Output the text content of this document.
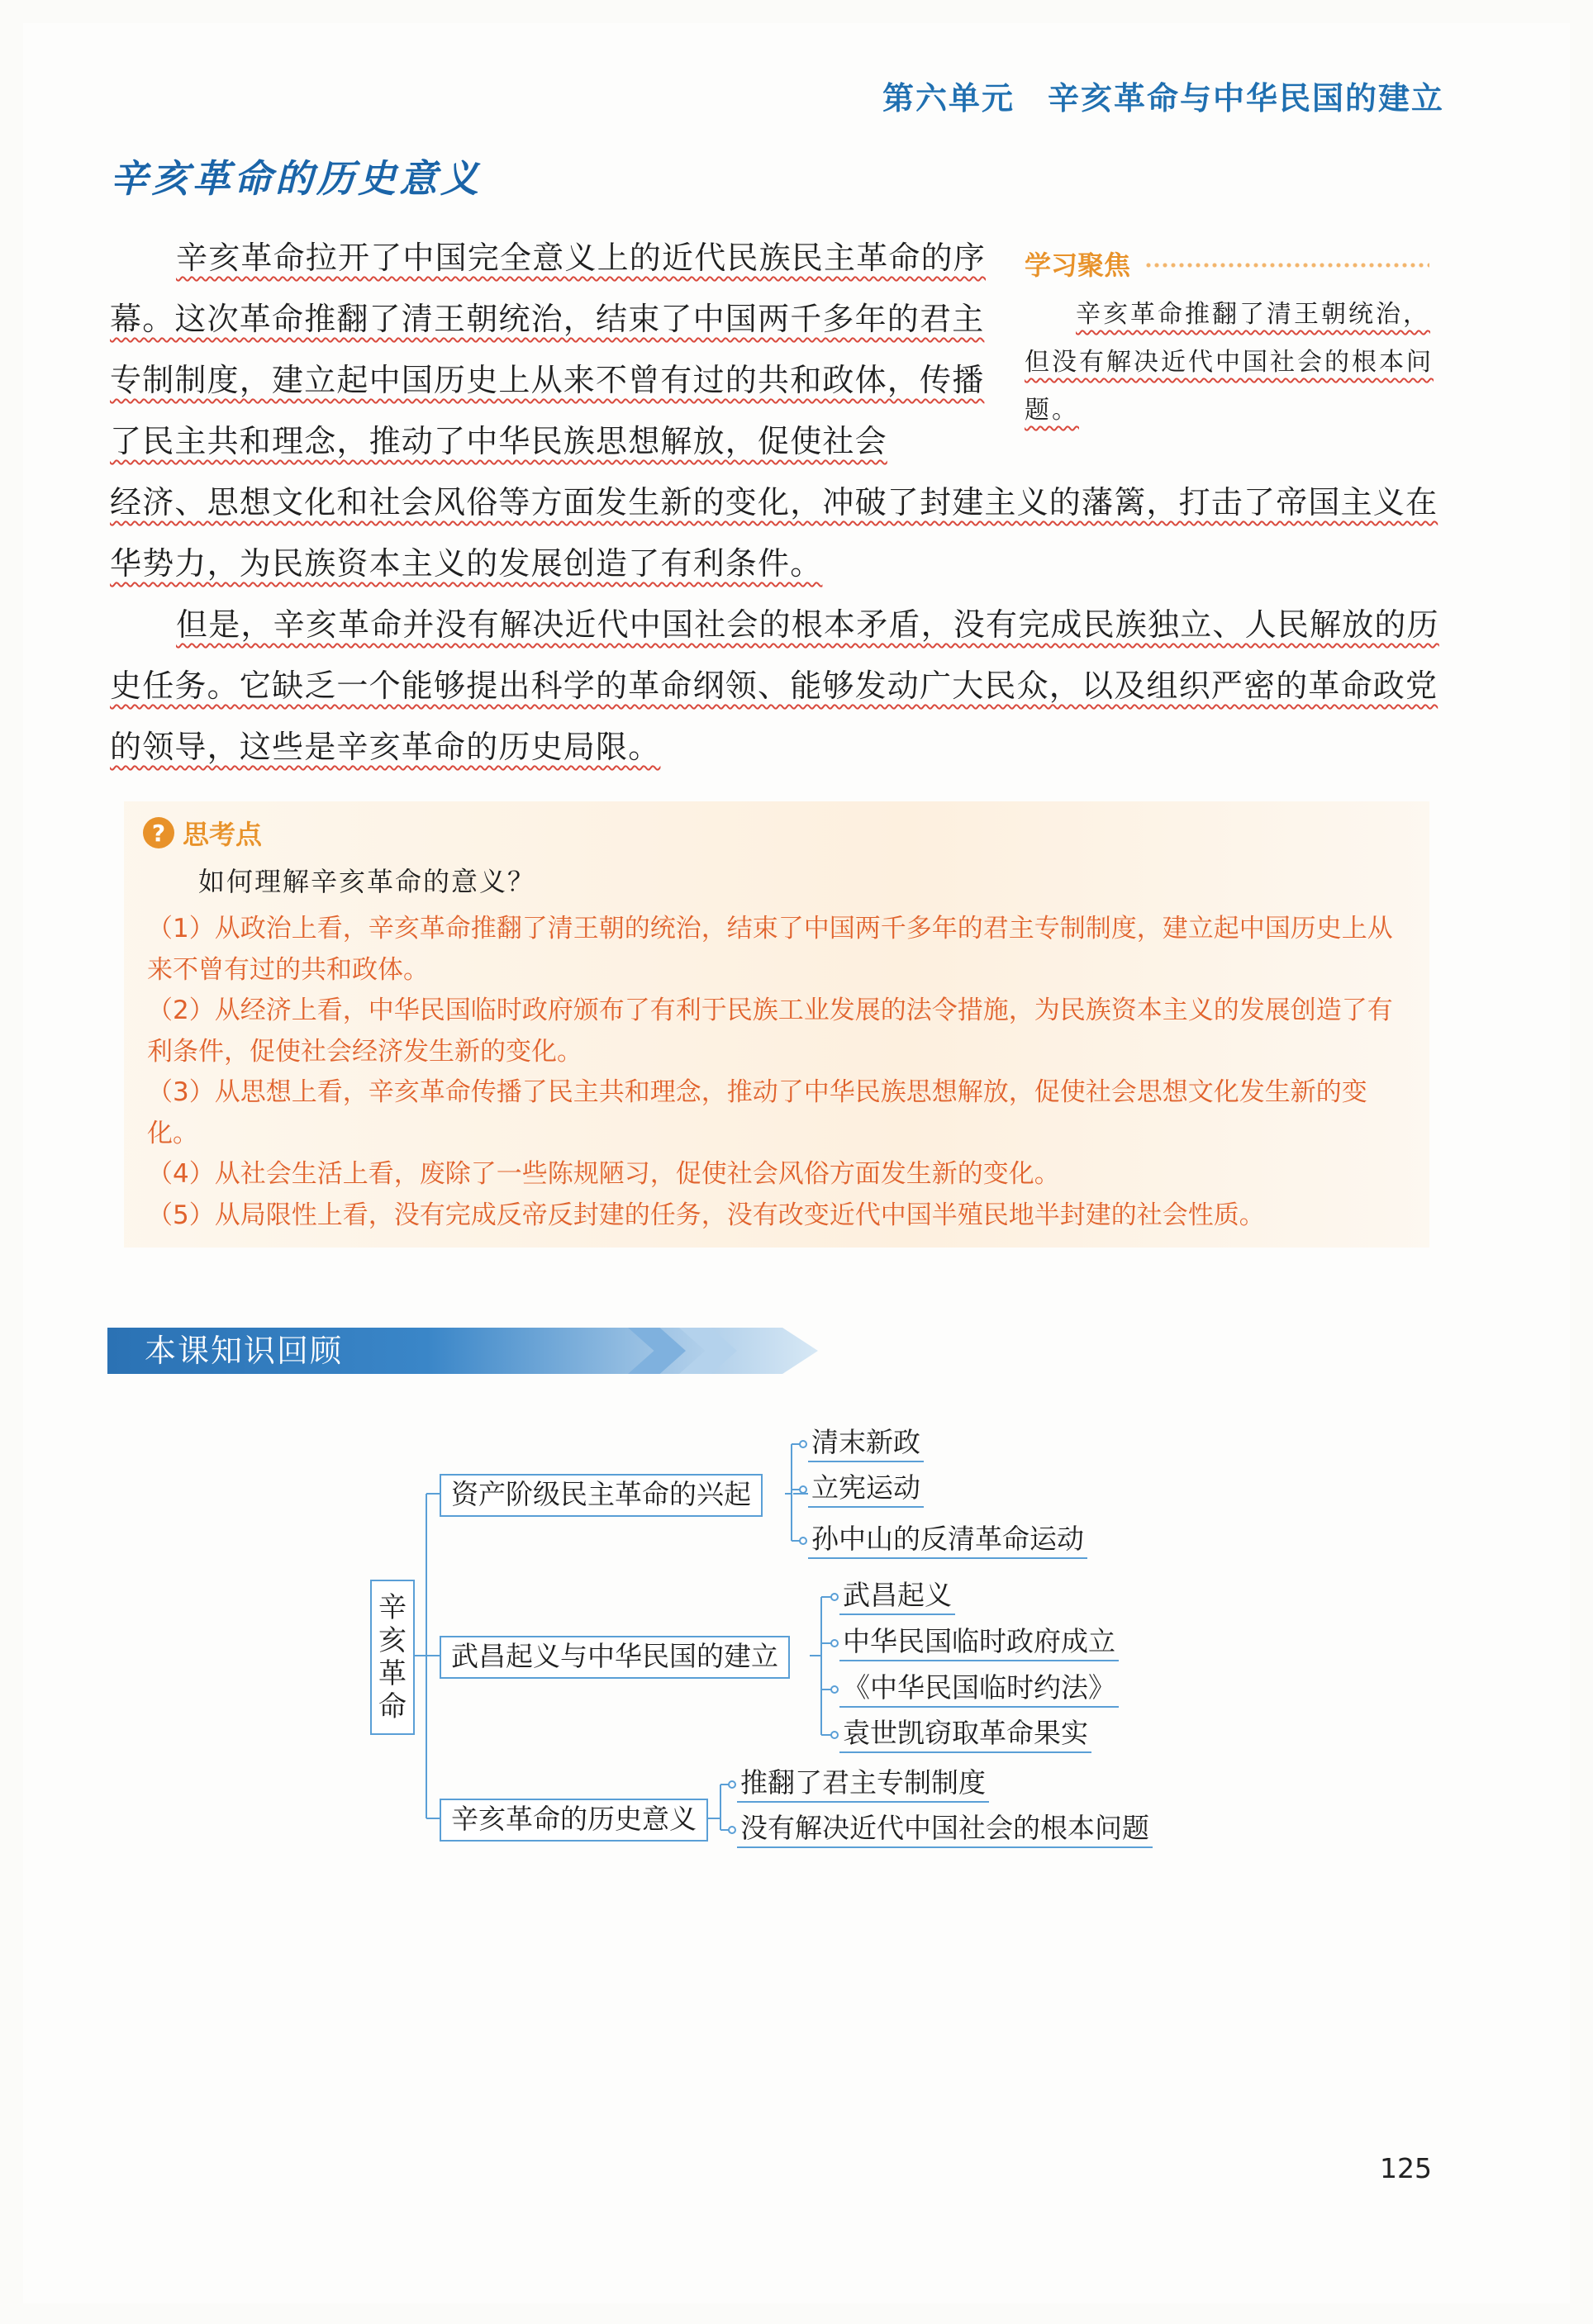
第六单元　辛亥革命与中华民国的建立
辛亥革命的历史意义

辛亥革命拉开了中国完全意义上的近代民族民主革命的序幕。这次革命推翻了清王朝统治，结束了中国两千多年的君主专制制度，建立起中国历史上从来不曾有过的共和政体，传播了民主共和理念，推动了中华民族思想解放，促使社会

经济、思想文化和社会风俗等方面发生新的变化，冲破了封建主义的藩篱，打击了帝国主义在华势力，为民族资本主义的发展创造了有利条件。

但是，辛亥革命并没有解决近代中国社会的根本矛盾，没有完成民族独立、人民解放的历史任务。它缺乏一个能够提出科学的革命纲领、能够发动广大民众，以及组织严密的革命政党的领导，这些是辛亥革命的历史局限。

学习聚焦

辛亥革命推翻了清王朝统治，但没有解决近代中国社会的根本问题。

? 思考点
如何理解辛亥革命的意义？

（1）从政治上看，辛亥革命推翻了清王朝的统治，结束了中国两千多年的君主专制制度，建立起中国历史上从来不曾有过的共和政体。

（2）从经济上看，中华民国临时政府颁布了有利于民族工业发展的法令措施，为民族资本主义的发展创造了有利条件，促使社会经济发生新的变化。

（3）从思想上看，辛亥革命传播了民主共和理念，推动了中华民族思想解放，促使社会思想文化发生新的变化。

（4）从社会生活上看，废除了一些陈规陋习，促使社会风俗方面发生新的变化。

（5）从局限性上看，没有完成反帝反封建的任务，没有改变近代中国半殖民地半封建的社会性质。

本课知识回顾
辛
亥
革
命
资产阶级民主革命的兴起
武昌起义与中华民国的建立
辛亥革命的历史意义
清末新政
立宪运动
孙中山的反清革命运动
武昌起义
中华民国临时政府成立
《中华民国临时约法》
袁世凯窃取革命果实
推翻了君主专制制度
没有解决近代中国社会的根本问题
125
